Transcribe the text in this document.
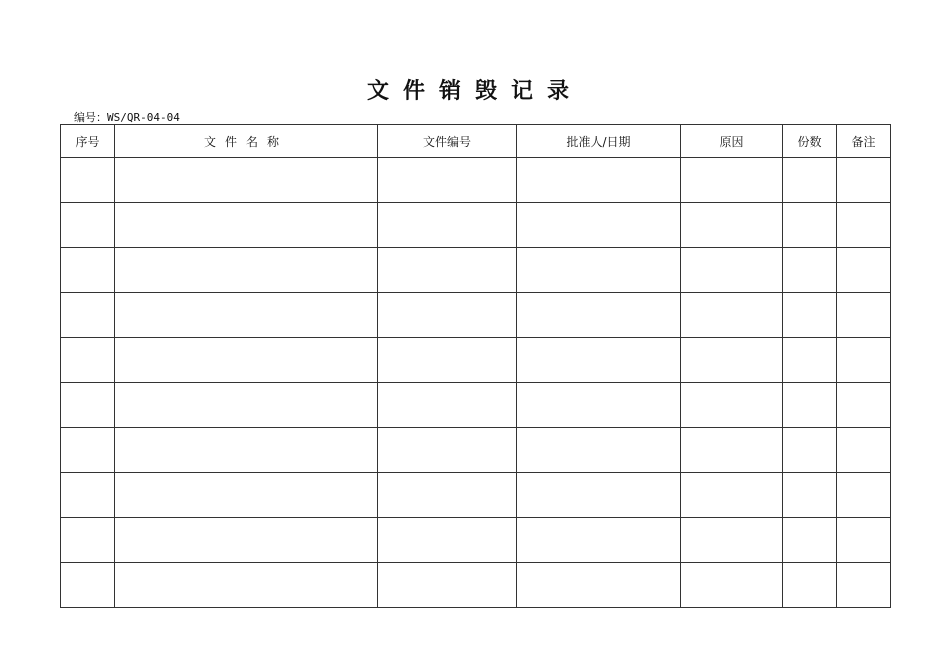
文件销毁记录
编号：WS/QR-04-04
序号	文件名称	文件编号	批准人/日期	原因	份数	备注
